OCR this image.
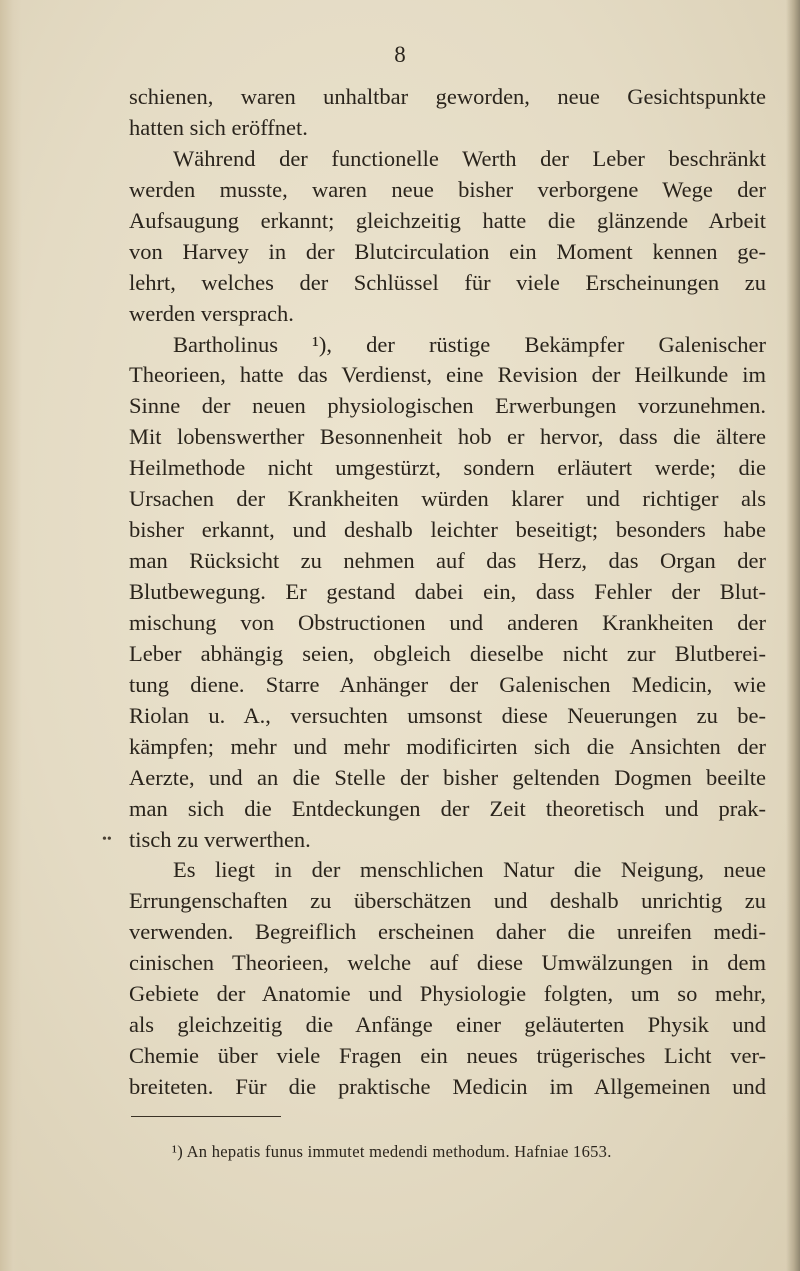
8
schienen, waren unhaltbar geworden, neue Gesichtspunkte
hatten sich eröffnet.
Während der functionelle Werth der Leber beschränkt
werden musste, waren neue bisher verborgene Wege der
Aufsaugung erkannt; gleichzeitig hatte die glänzende Arbeit
von Harvey in der Blutcirculation ein Moment kennen ge-
lehrt, welches der Schlüssel für viele Erscheinungen zu
werden versprach.
Bartholinus ¹), der rüstige Bekämpfer Galenischer
Theorieen, hatte das Verdienst, eine Revision der Heilkunde im
Sinne der neuen physiologischen Erwerbungen vorzunehmen.
Mit lobenswerther Besonnenheit hob er hervor, dass die ältere
Heilmethode nicht umgestürzt, sondern erläutert werde; die
Ursachen der Krankheiten würden klarer und richtiger als
bisher erkannt, und deshalb leichter beseitigt; besonders habe
man Rücksicht zu nehmen auf das Herz, das Organ der
Blutbewegung. Er gestand dabei ein, dass Fehler der Blut-
mischung von Obstructionen und anderen Krankheiten der
Leber abhängig seien, obgleich dieselbe nicht zur Blutberei-
tung diene. Starre Anhänger der Galenischen Medicin, wie
Riolan u. A., versuchten umsonst diese Neuerungen zu be-
kämpfen; mehr und mehr modificirten sich die Ansichten der
Aerzte, und an die Stelle der bisher geltenden Dogmen beeilte
man sich die Entdeckungen der Zeit theoretisch und prak-
tisch zu verwerthen.
Es liegt in der menschlichen Natur die Neigung, neue
Errungenschaften zu überschätzen und deshalb unrichtig zu
verwenden. Begreiflich erscheinen daher die unreifen medi-
cinischen Theorieen, welche auf diese Umwälzungen in dem
Gebiete der Anatomie und Physiologie folgten, um so mehr,
als gleichzeitig die Anfänge einer geläuterten Physik und
Chemie über viele Fragen ein neues trügerisches Licht ver-
breiteten. Für die praktische Medicin im Allgemeinen und
••
¹) An hepatis funus immutet medendi methodum. Hafniae 1653.
